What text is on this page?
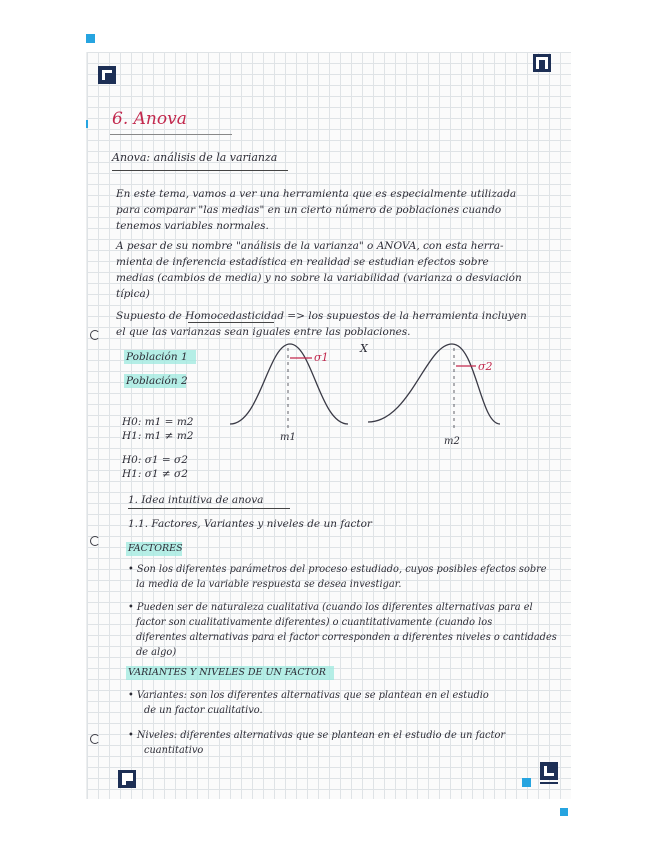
6. Anova
Anova: análisis de la varianza
En este tema, vamos a ver una herramienta que es especialmente utilizada
para comparar "las medias" en un cierto número de poblaciones cuando
tenemos variables normales.
A pesar de su nombre "análisis de la varianza" o ANOVA, con esta herra-
mienta de inferencia estadística en realidad se estudian efectos sobre
medias (cambios de media) y no sobre la variabilidad (varianza o desviación
típica)
Supuesto de Homocedasticidad => los supuestos de la herramienta incluyen
el que las varianzas sean iguales entre las poblaciones.
Población 1
Población 2
H0: m1 = m2
H1: m1 ≠ m2
H0: σ1 = σ2
H1: σ1 ≠ σ2
σ1
m1
X
σ2
m2
1. Idea intuitiva de anova
1.1. Factores, Variantes y niveles de un factor
FACTORES
• Son los diferentes parámetros del proceso estudiado, cuyos posibles efectos sobre
la media de la variable respuesta se desea investigar.
• Pueden ser de naturaleza cualitativa (cuando los diferentes alternativas para el
factor son cualitativamente diferentes) o cuantitativamente (cuando los
diferentes alternativas para el factor corresponden a diferentes niveles o cantidades
de algo)
VARIANTES Y NIVELES DE UN FACTOR
• Variantes: son los diferentes alternativas que se plantean en el estudio
de un factor cualitativo.
• Niveles: diferentes alternativas que se plantean en el estudio de un factor
cuantitativo
